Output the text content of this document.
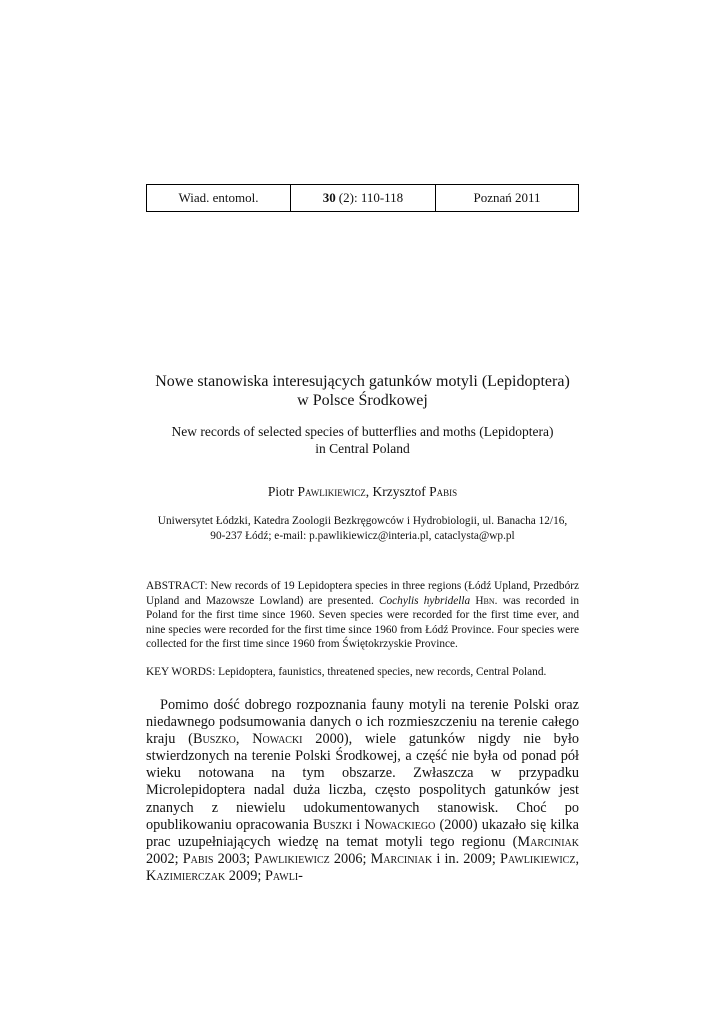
Wiad. entomol.	30 (2): 110-118	Poznań 2011
Nowe stanowiska interesujących gatunków motyli (Lepidoptera)
w Polsce Środkowej
New records of selected species of butterflies and moths (Lepidoptera)
in Central Poland
Piotr Pawlikiewicz, Krzysztof Pabis
Uniwersytet Łódzki, Katedra Zoologii Bezkręgowców i Hydrobiologii, ul. Banacha 12/16,
90-237 Łódź; e-mail: p.pawlikiewicz@interia.pl, cataclysta@wp.pl

ABSTRACT: New records of 19 Lepidoptera species in three regions (Łódź Upland, Przedbórz Upland and Mazowsze Lowland) are presented. Cochylis hybridella Hbn. was recorded in Poland for the first time since 1960. Seven species were recorded for the first time ever, and nine species were recorded for the first time since 1960 from Łódź Province. Four species were collected for the first time since 1960 from Świętokrzyskie Province.

KEY WORDS: Lepidoptera, faunistics, threatened species, new records, Central Poland.

Pomimo dość dobrego rozpoznania fauny motyli na terenie Polski oraz niedawnego podsumowania danych o ich rozmieszczeniu na terenie całego kraju (Buszko, Nowacki 2000), wiele gatunków nigdy nie było stwierdzonych na terenie Polski Środkowej, a część nie była od ponad pół wieku notowana na tym obszarze. Zwłaszcza w przypadku Microlepidoptera nadal duża liczba, często pospolitych gatunków jest znanych z niewielu udokumentowanych stanowisk. Choć po opublikowaniu opracowania Buszki i Nowackiego (2000) ukazało się kilka prac uzupełniających wiedzę na temat motyli tego regionu (Marciniak 2002; Pabis 2003; Pawlikiewicz 2006; Marciniak i in. 2009; Pawlikiewicz, Kazimierczak 2009; Pawli-
